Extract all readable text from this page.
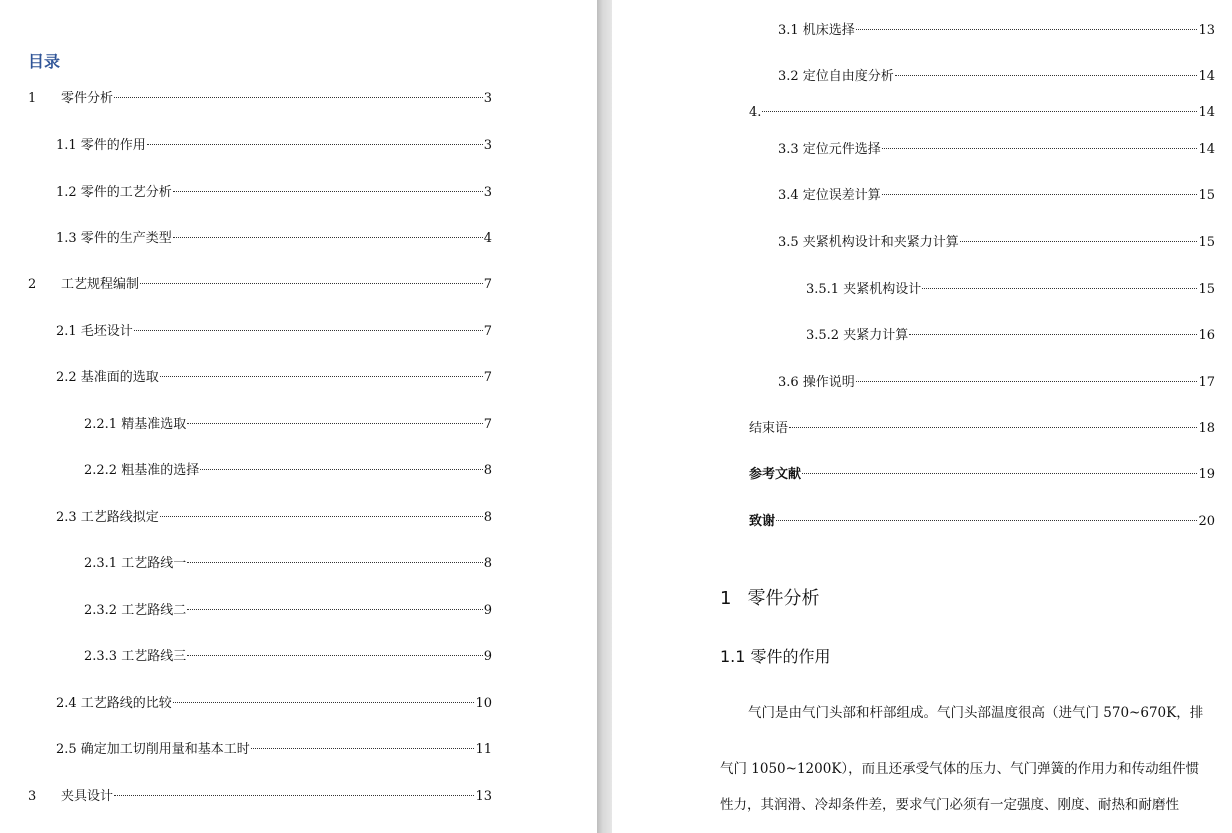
目录
1	零件分析	3
1.1 零件的作用	3
1.2 零件的工艺分析	3
1.3 零件的生产类型	4
2	工艺规程编制	7
2.1 毛坯设计	7
2.2 基准面的选取	7
2.2.1 精基准选取	7
2.2.2 粗基准的选择	8
2.3 工艺路线拟定	8
2.3.1 工艺路线一	8
2.3.2 工艺路线二	9
2.3.3 工艺路线三	9
2.4 工艺路线的比较	10
2.5 确定加工切削用量和基本工时	11
3	夹具设计	13
3.1 机床选择	13
3.2 定位自由度分析	14
4.	14
3.3 定位元件选择	14
3.4 定位误差计算	15
3.5 夹紧机构设计和夹紧力计算	15
3.5.1 夹紧机构设计	15
3.5.2 夹紧力计算	16
3.6 操作说明	17
结束语	18
参考文献	19
致谢	20
1 零件分析
1.1 零件的作用
气门是由气门头部和杆部组成。气门头部温度很高（进气门 570~670K，排
气门 1050~1200K），而且还承受气体的压力、气门弹簧的作用力和传动组件惯
性力，其润滑、冷却条件差，要求气门必须有一定强度、刚度、耐热和耐磨性
